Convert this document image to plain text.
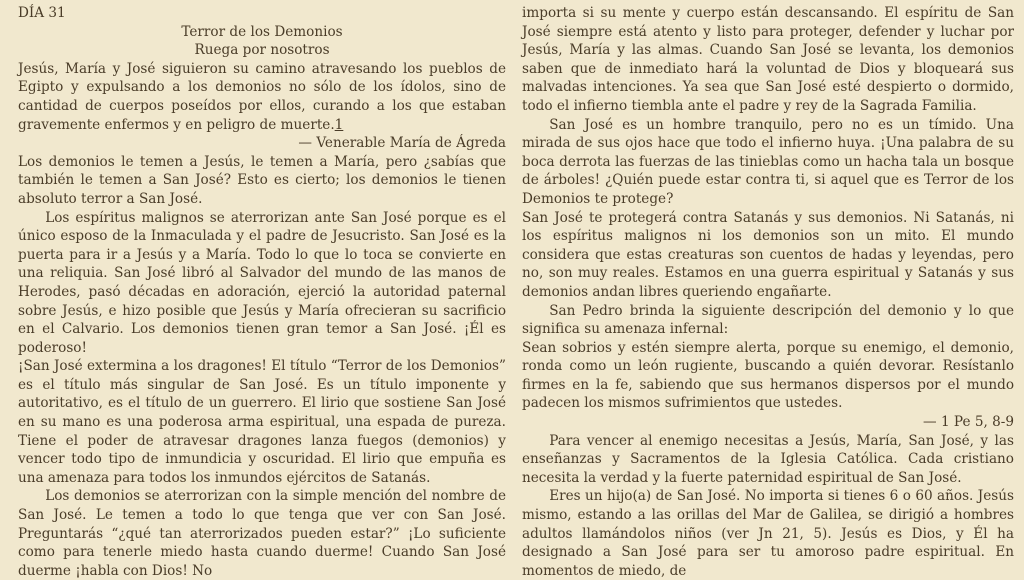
DÍA 31

Terror de los Demonios

Ruega por nosotros

Jesús, María y José siguieron su camino atravesando los pueblos de Egipto y expulsando a los demonios no sólo de los ídolos, sino de cantidad de cuerpos poseídos por ellos, curando a los que estaban gravemente enfermos y en peligro de muerte.1

— Venerable María de Ágreda

Los demonios le temen a Jesús, le temen a María, pero ¿sabías que también le temen a San José? Esto es cierto; los demonios le tienen absoluto terror a San José.

Los espíritus malignos se aterrorizan ante San José porque es el único esposo de la Inmaculada y el padre de Jesucristo. San José es la puerta para ir a Jesús y a María. Todo lo que lo toca se convierte en una reliquia. San José libró al Salvador del mundo de las manos de Herodes, pasó décadas en adoración, ejerció la autoridad paternal sobre Jesús, e hizo posible que Jesús y María ofrecieran su sacrificio en el Calvario. Los demonios tienen gran temor a San José. ¡Él es poderoso!

¡San José extermina a los dragones! El título “Terror de los Demonios” es el título más singular de San José. Es un título imponente y autoritativo, es el título de un guerrero. El lirio que sostiene San José en su mano es una poderosa arma espiritual, una espada de pureza. Tiene el poder de atravesar dragones lanza fuegos (demonios) y vencer todo tipo de inmundicia y oscuridad. El lirio que empuña es una amenaza para todos los inmundos ejércitos de Satanás.

Los demonios se aterrorizan con la simple mención del nombre de San José. Le temen a todo lo que tenga que ver con San José. Preguntarás “¿qué tan aterrorizados pueden estar?” ¡Lo suficiente como para tenerle miedo hasta cuando duerme! Cuando San José duerme ¡habla con Dios! No

importa si su mente y cuerpo están descansando. El espíritu de San José siempre está atento y listo para proteger, defender y luchar por Jesús, María y las almas. Cuando San José se levanta, los demonios saben que de inmediato hará la voluntad de Dios y bloqueará sus malvadas intenciones. Ya sea que San José esté despierto o dormido, todo el infierno tiembla ante el padre y rey de la Sagrada Familia.

San José es un hombre tranquilo, pero no es un tímido. Una mirada de sus ojos hace que todo el infierno huya. ¡Una palabra de su boca derrota las fuerzas de las tinieblas como un hacha tala un bosque de árboles! ¿Quién puede estar contra ti, si aquel que es Terror de los Demonios te protege?

San José te protegerá contra Satanás y sus demonios. Ni Satanás, ni los espíritus malignos ni los demonios son un mito. El mundo considera que estas creaturas son cuentos de hadas y leyendas, pero no, son muy reales. Estamos en una guerra espiritual y Satanás y sus demonios andan libres queriendo engañarte.

San Pedro brinda la siguiente descripción del demonio y lo que significa su amenaza infernal:

Sean sobrios y estén siempre alerta, porque su enemigo, el demonio, ronda como un león rugiente, buscando a quién devorar. Resístanlo firmes en la fe, sabiendo que sus hermanos dispersos por el mundo padecen los mismos sufrimientos que ustedes.

— 1 Pe 5, 8-9

Para vencer al enemigo necesitas a Jesús, María, San José, y las enseñanzas y Sacramentos de la Iglesia Católica. Cada cristiano necesita la verdad y la fuerte paternidad espiritual de San José.

Eres un hijo(a) de San José. No importa si tienes 6 o 60 años. Jesús mismo, estando a las orillas del Mar de Galilea, se dirigió a hombres adultos llamándolos niños (ver Jn 21, 5). Jesús es Dios, y Él ha designado a San José para ser tu amoroso padre espiritual. En momentos de miedo, de
